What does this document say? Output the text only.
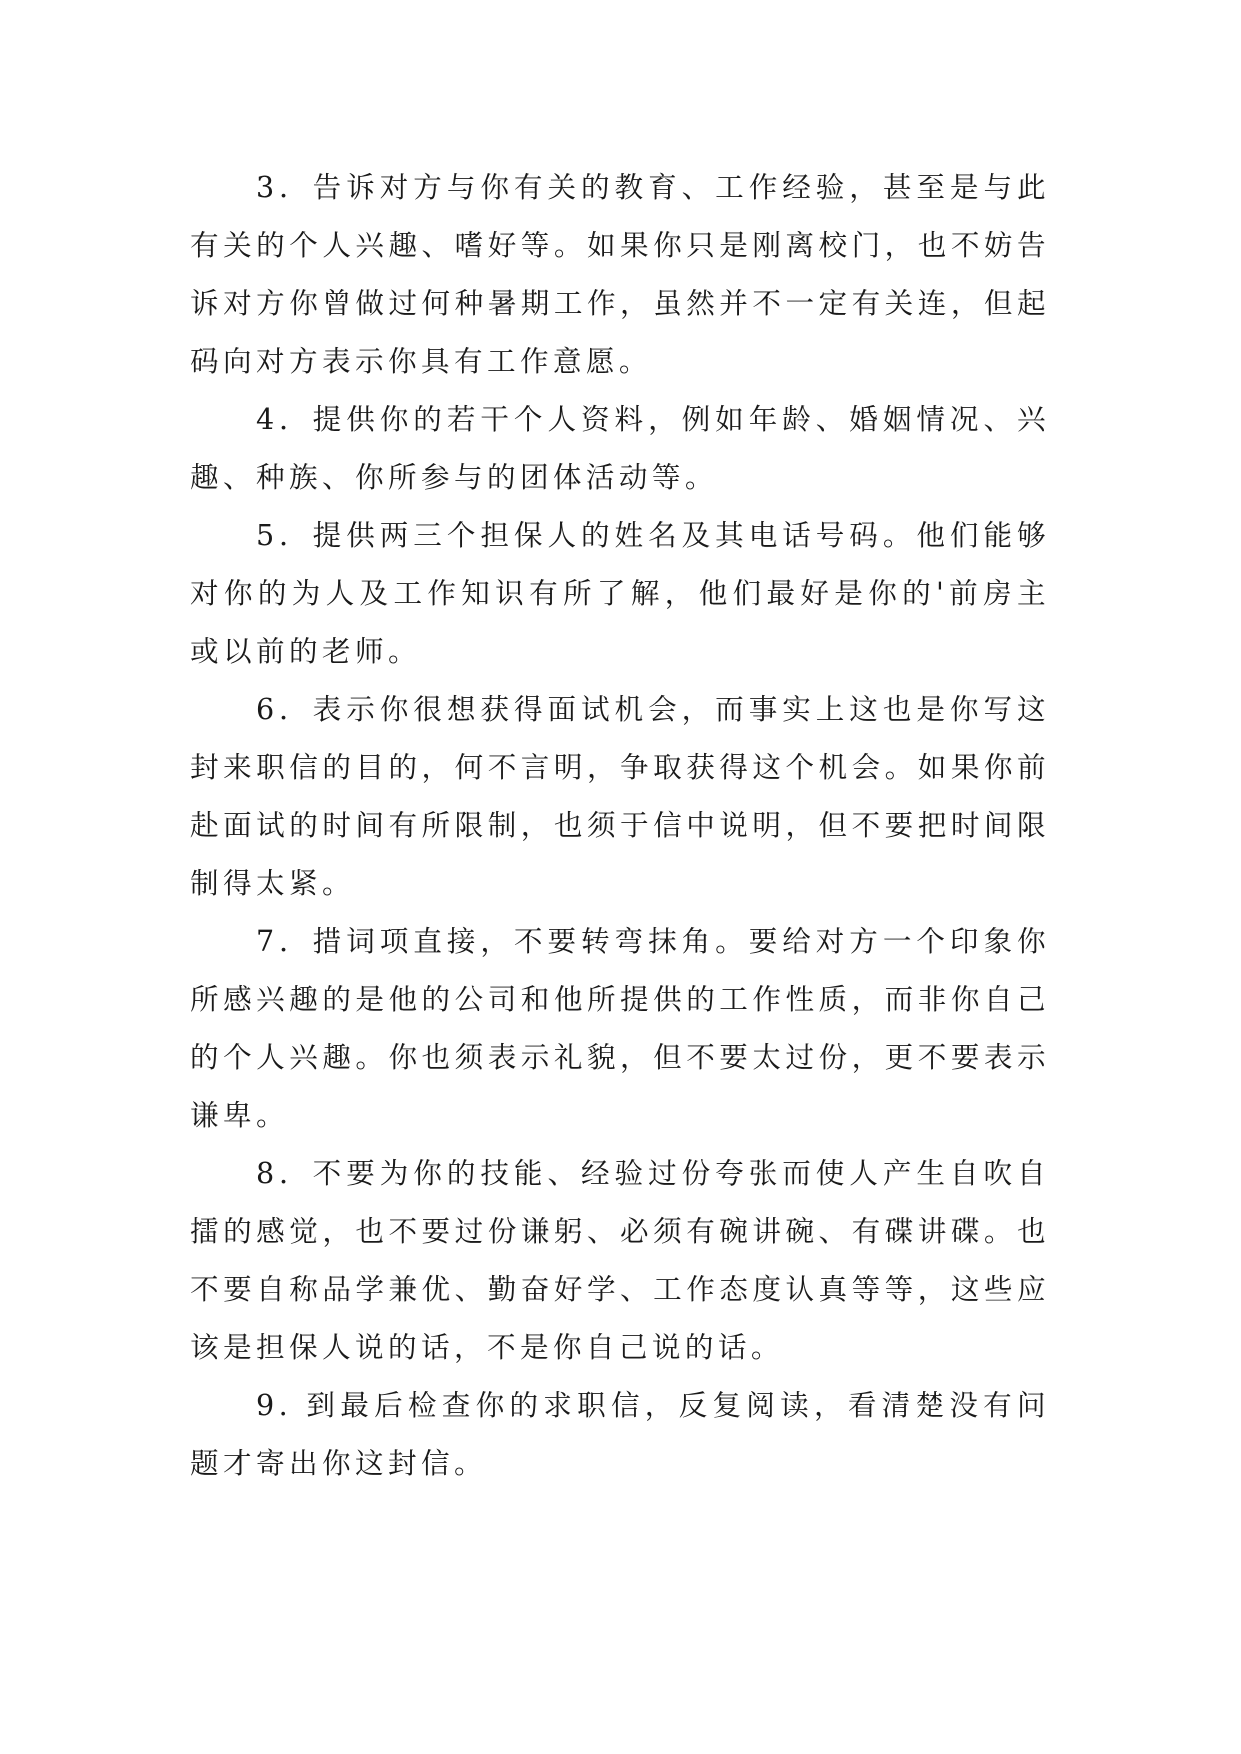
3．告诉对方与你有关的教育、工作经验，甚至是与此有关的个人兴趣、嗜好等。如果你只是刚离校门，也不妨告诉对方你曾做过何种暑期工作，虽然并不一定有关连，但起码向对方表示你具有工作意愿。

4．提供你的若干个人资料，例如年龄、婚姻情况、兴趣、种族、你所参与的团体活动等。

5．提供两三个担保人的姓名及其电话号码。他们能够对你的为人及工作知识有所了解，他们最好是你的'前房主或以前的老师。

6．表示你很想获得面试机会，而事实上这也是你写这封来职信的目的，何不言明，争取获得这个机会。如果你前赴面试的时间有所限制，也须于信中说明，但不要把时间限制得太紧。

7．措词项直接，不要转弯抹角。要给对方一个印象你所感兴趣的是他的公司和他所提供的工作性质，而非你自己的个人兴趣。你也须表示礼貌，但不要太过份，更不要表示谦卑。

8．不要为你的技能、经验过份夸张而使人产生自吹自擂的感觉，也不要过份谦躬、必须有碗讲碗、有碟讲碟。也不要自称品学兼优、勤奋好学、工作态度认真等等，这些应该是担保人说的话，不是你自己说的话。

9. 到最后检查你的求职信，反复阅读，看清楚没有问题才寄出你这封信。
